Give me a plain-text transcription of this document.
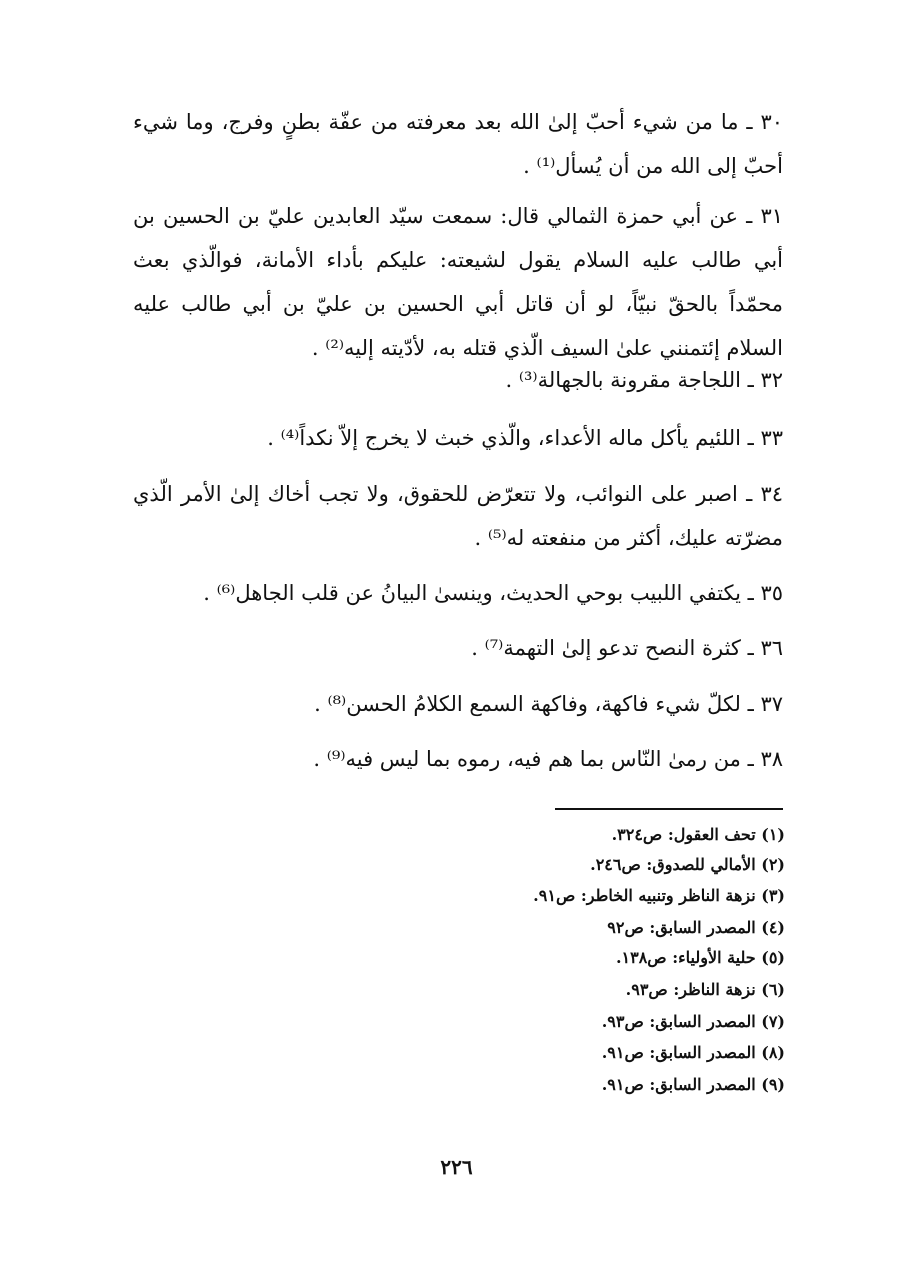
٣٠ ـ ما من شيء أحبّ إلىٰ الله بعد معرفته من عفّة بطنٍ وفرج، وما شيء أحبّ إلى الله من أن يُسأل⁽¹⁾ .

٣١ ـ عن أبي حمزة الثمالي قال: سمعت سيّد العابدين عليّ بن الحسين بن أبي طالب عليه السلام يقول لشيعته: عليكم بأداء الأمانة، فوالّذي بعث محمّداً بالحقّ نبيّاً، لو أن قاتل أبي الحسين بن عليّ بن أبي طالب عليه السلام إئتمنني علىٰ السيف الّذي قتله به، لأدّيته إليه⁽²⁾ .

٣٢ ـ اللجاجة مقرونة بالجهالة⁽³⁾ .

٣٣ ـ اللئيم يأكل ماله الأعداء، والّذي خبث لا يخرج إلاّ نكداً⁽⁴⁾ .

٣٤ ـ اصبر على النوائب، ولا تتعرّض للحقوق، ولا تجب أخاك إلىٰ الأمر الّذي مضرّته عليك، أكثر من منفعته له⁽⁵⁾ .

٣٥ ـ يكتفي اللبيب بوحي الحديث، وينسىٰ البيانُ عن قلب الجاهل⁽⁶⁾ .

٣٦ ـ كثرة النصح تدعو إلىٰ التهمة⁽⁷⁾ .

٣٧ ـ لكلّ شيء فاكهة، وفاكهة السمع الكلامُ الحسن⁽⁸⁾ .

٣٨ ـ من رمىٰ النّاس بما هم فيه، رموه بما ليس فيه⁽⁹⁾ .

(١) تحف العقول: ص٣٢٤.

(٢) الأمالي للصدوق: ص٢٤٦.

(٣) نزهة الناظر وتنبيه الخاطر: ص٩١.

(٤) المصدر السابق: ص٩٢

(٥) حلية الأولياء: ص١٣٨.

(٦) نزهة الناظر: ص٩٣.

(٧) المصدر السابق: ص٩٣.

(٨) المصدر السابق: ص٩١.

(٩) المصدر السابق: ص٩١.

٢٢٦
